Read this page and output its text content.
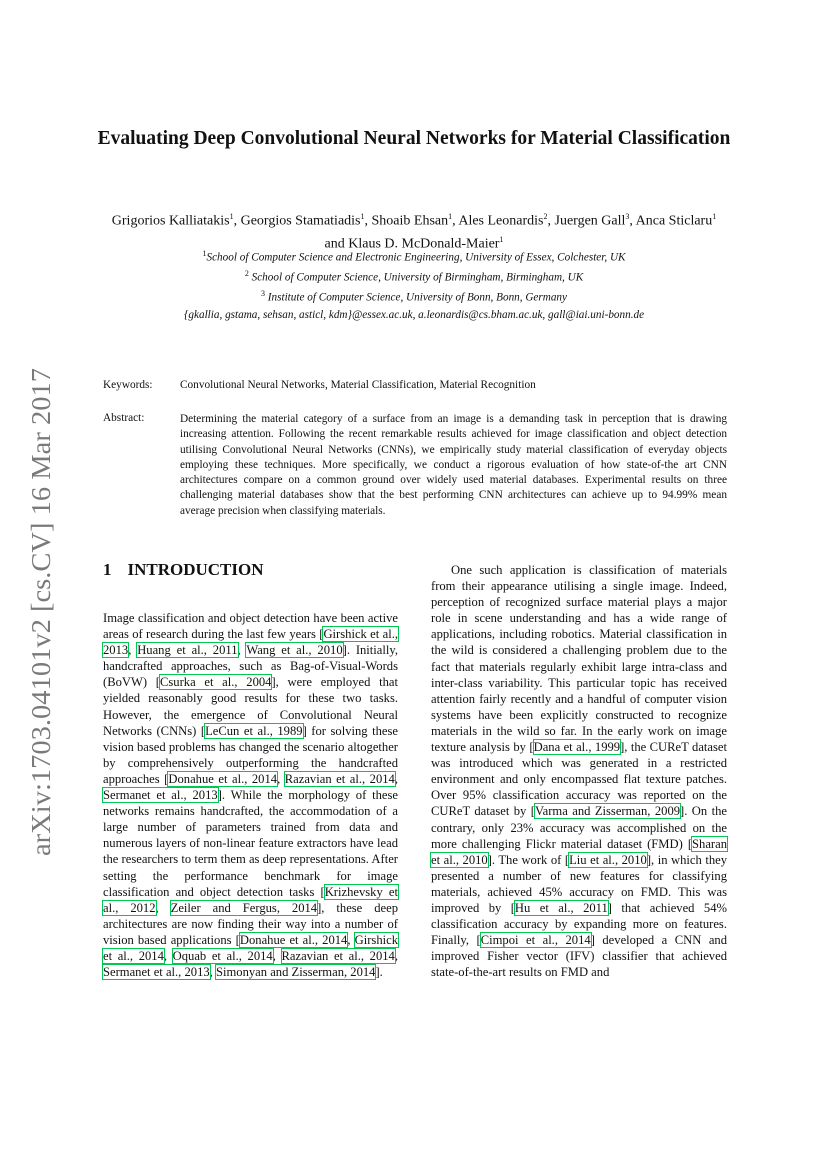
arXiv:1703.04101v2 [cs.CV] 16 Mar 2017
Evaluating Deep Convolutional Neural Networks for Material Classification
Grigorios Kalliatakis$^1$, Georgios Stamatiadis$^1$, Shoaib Ehsan$^1$, Ales Leonardis$^2$, Juergen Gall$^3$, Anca Sticlaru$^1$ and Klaus D. McDonald-Maier$^1$
$^1$School of Computer Science and Electronic Engineering, University of Essex, Colchester, UK
$^2$ School of Computer Science, University of Birmingham, Birmingham, UK
$^3$ Institute of Computer Science, University of Bonn, Bonn, Germany
{gkallia, gstama, sehsan, asticl, kdm}@essex.ac.uk, a.leonardis@cs.bham.ac.uk, gall@iai.uni-bonn.de
Keywords: Convolutional Neural Networks, Material Classification, Material Recognition
Abstract:	Determining the material category of a surface from an image is a demanding task in perception that is drawing increasing attention. Following the recent remarkable results achieved for image classification and object detection utilising Convolutional Neural Networks (CNNs), we empirically study material classification of everyday objects employing these techniques. More specifically, we conduct a rigorous evaluation of how state-of-the art CNN architectures compare on a common ground over widely used material databases. Experimental results on three challenging material databases show that the best performing CNN architectures can achieve up to 94.99% mean average precision when classifying materials.
1 INTRODUCTION
Image classification and object detection have been active areas of research during the last few years [Girshick et al., 2013, Huang et al., 2011, Wang et al., 2010]. Initially, handcrafted approaches, such as Bag-of-Visual-Words (BoVW) [Csurka et al., 2004], were employed that yielded reasonably good results for these two tasks. However, the emergence of Convolutional Neural Networks (CNNs) [LeCun et al., 1989] for solving these vision based problems has changed the scenario altogether by comprehensively outperforming the handcrafted approaches [Donahue et al., 2014, Razavian et al., 2014, Sermanet et al., 2013]. While the morphology of these networks remains handcrafted, the accommodation of a large number of parameters trained from data and numerous layers of non-linear feature extractors have lead the researchers to term them as deep representations. After setting the performance benchmark for image classification and object detection tasks [Krizhevsky et al., 2012, Zeiler and Fergus, 2014], these deep architectures are now finding their way into a number of vision based applications [Donahue et al., 2014, Girshick et al., 2014, Oquab et al., 2014, Razavian et al., 2014, Sermanet et al., 2013, Simonyan and Zisserman, 2014].
One such application is classification of materials from their appearance utilising a single image. Indeed, perception of recognized surface material plays a major role in scene understanding and has a wide range of applications, including robotics. Material classification in the wild is considered a challenging problem due to the fact that materials regularly exhibit large intra-class and inter-class variability. This particular topic has received attention fairly recently and a handful of computer vision systems have been explicitly constructed to recognize materials in the wild so far. In the early work on image texture analysis by [Dana et al., 1999], the CUReT dataset was introduced which was generated in a restricted environment and only encompassed flat texture patches. Over 95% classification accuracy was reported on the CUReT dataset by [Varma and Zisserman, 2009]. On the contrary, only 23% accuracy was accomplished on the more challenging Flickr material dataset (FMD) [Sharan et al., 2010]. The work of [Liu et al., 2010], in which they presented a number of new features for classifying materials, achieved 45% accuracy on FMD. This was improved by [Hu et al., 2011] that achieved 54% classification accuracy by expanding more on features. Finally, [Cimpoi et al., 2014] developed a CNN and improved Fisher vector (IFV) classifier that achieved state-of-the-art results on FMD and
